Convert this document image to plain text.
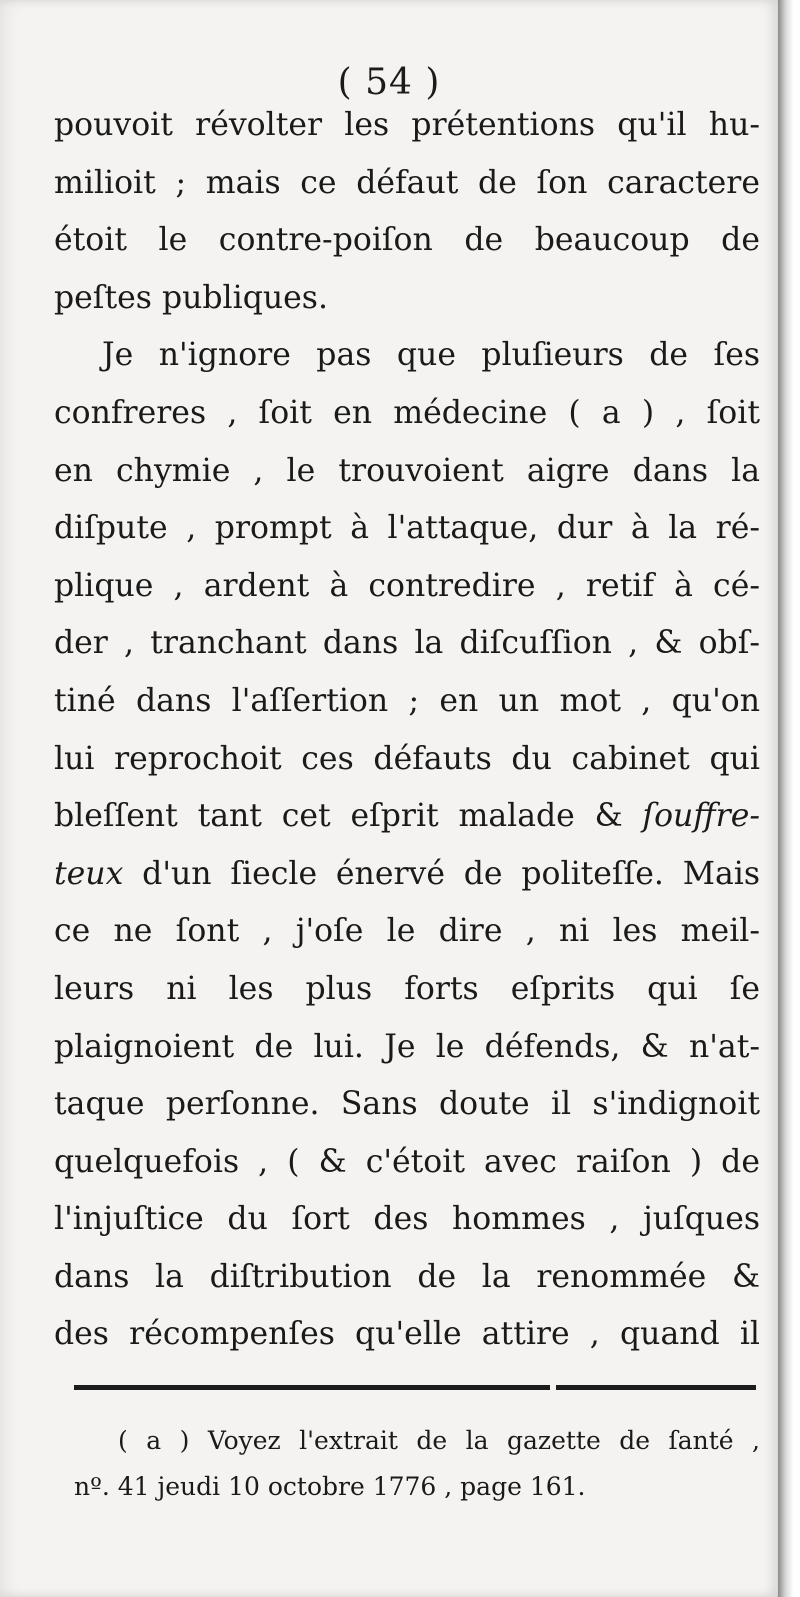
( 54 )
pouvoit révolter les prétentions qu'il hu-
milioit ; mais ce défaut de ſon caractere
étoit le contre-poiſon de beaucoup de
peſtes publiques.
Je n'ignore pas que pluſieurs de ſes
confreres , ſoit en médecine ( a ) , ſoit
en chymie , le trouvoient aigre dans la
diſpute , prompt à l'attaque, dur à la ré-
plique , ardent à contredire , retif à cé-
der , tranchant dans la diſcuſſion , & obſ-
tiné dans l'aſſertion ; en un mot , qu'on
lui reprochoit ces défauts du cabinet qui
bleſſent tant cet eſprit malade & ſouffre-
teux d'un ſiecle énervé de politeſſe. Mais
ce ne ſont , j'oſe le dire , ni les meil-
leurs ni les plus forts eſprits qui ſe
plaignoient de lui. Je le défends, & n'at-
taque perſonne. Sans doute il s'indignoit
quelquefois , ( & c'étoit avec raiſon ) de
l'injuſtice du ſort des hommes , juſques
dans la diſtribution de la renommée &
des récompenſes qu'elle attire , quand il
( a ) Voyez l'extrait de la gazette de ſanté ,
nº. 41 jeudi 10 octobre 1776 , page 161.
